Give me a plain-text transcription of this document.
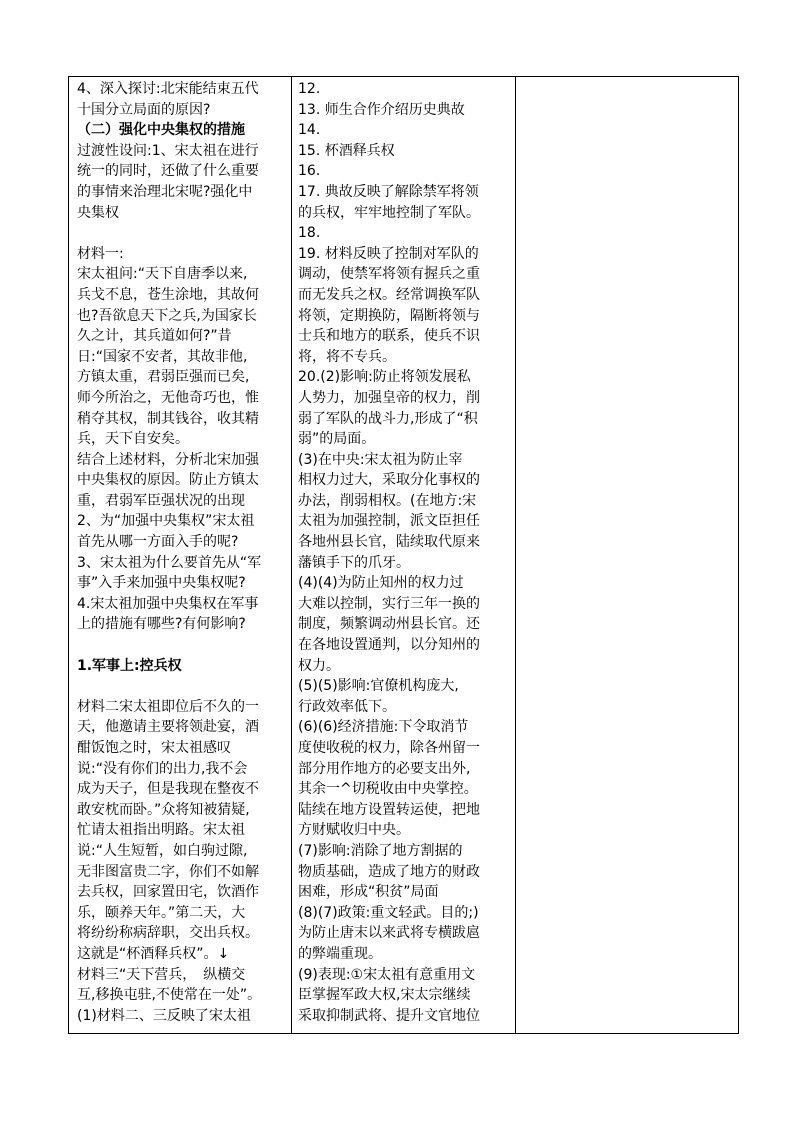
4、深入探讨:北宋能结束五代
十国分立局面的原因?
（二）强化中央集权的措施
过渡性设问:1、宋太祖在进行
统一的同时，还做了什么重要
的事情来治理北宋呢?强化中
央集权
材料一:
宋太祖问:“天下自唐季以来,
兵戈不息，苍生涂地，其故何
也?吾欲息天下之兵,为国家长
久之计，其兵道如何?”昔
日:“国家不安者，其故非他,
方镇太重，君弱臣强而已矣,
师今所治之，无他奇巧也，惟
稍夺其权，制其钱谷，收其精
兵，天下自安矣。
结合上述材料，分析北宋加强
中央集权的原因。防止方镇太
重，君弱军臣强状况的出现
2、为“加强中央集权”宋太祖
首先从哪一方面入手的呢?
3、宋太祖为什么要首先从“军
事”入手来加强中央集权呢?
4.宋太祖加强中央集权在军事
上的措施有哪些?有何影响?
1.军事上:控兵权
材料二宋太祖即位后不久的一
天，他邀请主要将领赴宴，酒
酣饭饱之时，宋太祖感叹
说:“没有你们的出力,我不会
成为天子，但是我现在整夜不
敢安枕而卧。”众将知被猜疑,
忙请太祖指出明路。宋太祖
说:“人生短暂，如白驹过隙,
无非图富贵二字，你们不如解
去兵权，回家置田宅，饮酒作
乐，颐养天年。”第二天，大
将纷纷称病辞职，交出兵权。
这就是“杯酒释兵权”。↓
材料三“天下营兵，　纵横交
互,移换屯驻,不使常在一处”。
(1)材料二、三反映了宋太祖
12.
13. 师生合作介绍历史典故
14.
15. 杯酒释兵权
16.
17. 典故反映了解除禁军将领
的兵权，牢牢地控制了军队。
18.
19. 材料反映了控制对军队的
调动，使禁军将领有握兵之重
而无发兵之权。经常调换军队
将领，定期换防，隔断将领与
士兵和地方的联系，使兵不识
将，将不专兵。
20.(2)影响:防止将领发展私
人势力，加强皇帝的权力，削
弱了军队的战斗力,形成了“积
弱”的局面。
(3)在中央:宋太祖为防止宰
相权力过大，采取分化事权的
办法，削弱相权。(在地方:宋
太祖为加强控制，派文臣担任
各地州县长官，陆续取代原来
藩镇手下的爪牙。
(4)(4)为防止知州的权力过
大难以控制，实行三年一换的
制度，频繁调动州县长官。还
在各地设置通判，以分知州的
权力。
(5)(5)影响:官僚机构庞大,
行政效率低下。
(6)(6)经济措施:下令取消节
度使收税的权力，除各州留一
部分用作地方的必要支出外,
其余一^切税收由中央掌控。
陆续在地方设置转运使，把地
方财赋收归中央。
(7)影响:消除了地方割据的
物质基础，造成了地方的财政
困难，形成“积贫”局面
(8)(7)政策:重文轻武。目的;)
为防止唐末以来武将专横跋扈
的弊端重现。
(9)表现:①宋太祖有意重用文
臣掌握军政大权,宋太宗继续
采取抑制武将、提升文官地位
